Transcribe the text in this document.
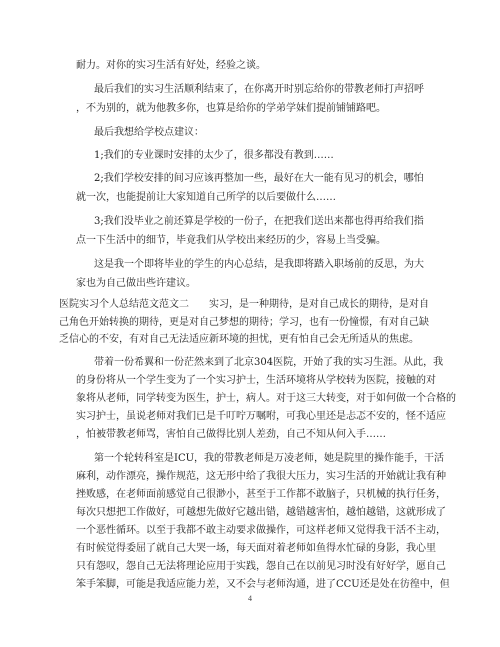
耐力。对你的实习生活有好处，经验之谈。
最后我们的实习生活顺利结束了，在你离开时别忘给你的带教老师打声招呼
，不为别的，就为他教多你，也算是给你的学弟学妹们提前铺铺路吧。
最后我想给学校点建议：
1;我们的专业课时安排的太少了，很多都没有教到……
2;我们学校安排的间习应该再整加一些，最好在大一能有见习的机会，哪怕
就一次，也能提前让大家知道自己所学的以后要做什么……
3;我们没毕业之前还算是学校的一份子，在把我们送出来都也得再给我们指
点一下生活中的细节，毕竟我们从学校出来经历的少，容易上当受骗。
这是我一个即将毕业的学生的内心总结，是我即将踏入职场前的反思，为大
家也为自己做出些许建议。
医院实习个人总结范文范文二　　实习，是一种期待，是对自己成长的期待，是对自
己角色开始转换的期待，更是对自己梦想的期待；学习，也有一份憧憬，有对自己缺
乏信心的不安，有对自己无法适应新环境的担忧，更有怕自己会无所适从的焦虑。
带着一份希翼和一份茫然来到了北京304医院，开始了我的实习生涯。从此，我
的身份将从一个学生变为了一个实习护士，生活环境将从学校转为医院，接触的对
象将从老师，同学转变为医生，护士，病人。对于这三大转变，对于如何做一个合格的
实习护士，虽说老师对我们已是千叮咛万嘱咐，可我心里还是忐忑不安的，怪不适应
，怕被带教老师骂，害怕自己做得比别人差劲，自己不知从何入手……
第一个轮转科室是ICU，我的带教老师是万凌老师，她是院里的操作能手，干活
麻利，动作漂亮，操作规范，这无形中给了我很大压力，实习生活的开始就让我有种
挫败感，在老师面前感觉自己很渺小，甚至于工作都不敢脑子，只机械的执行任务，
每次只想把工作做好，可越想先做好它越出错，越错越害怕，越怕越错，这就形成了
一个恶性循环。以至于我都不敢主动要求做操作，可这样老师又觉得我干活不主动，
有时候觉得委屈了就自己大哭一场，每天面对着老师如鱼得水忙碌的身影，我心里
只有怨叹，怨自己无法将理论应用于实践，怨自己在以前见习时没有好好学，愿自己
笨手笨脚，可能是我适应能力差，又不会与老师沟通，进了CCU还是处在彷徨中，但
4
